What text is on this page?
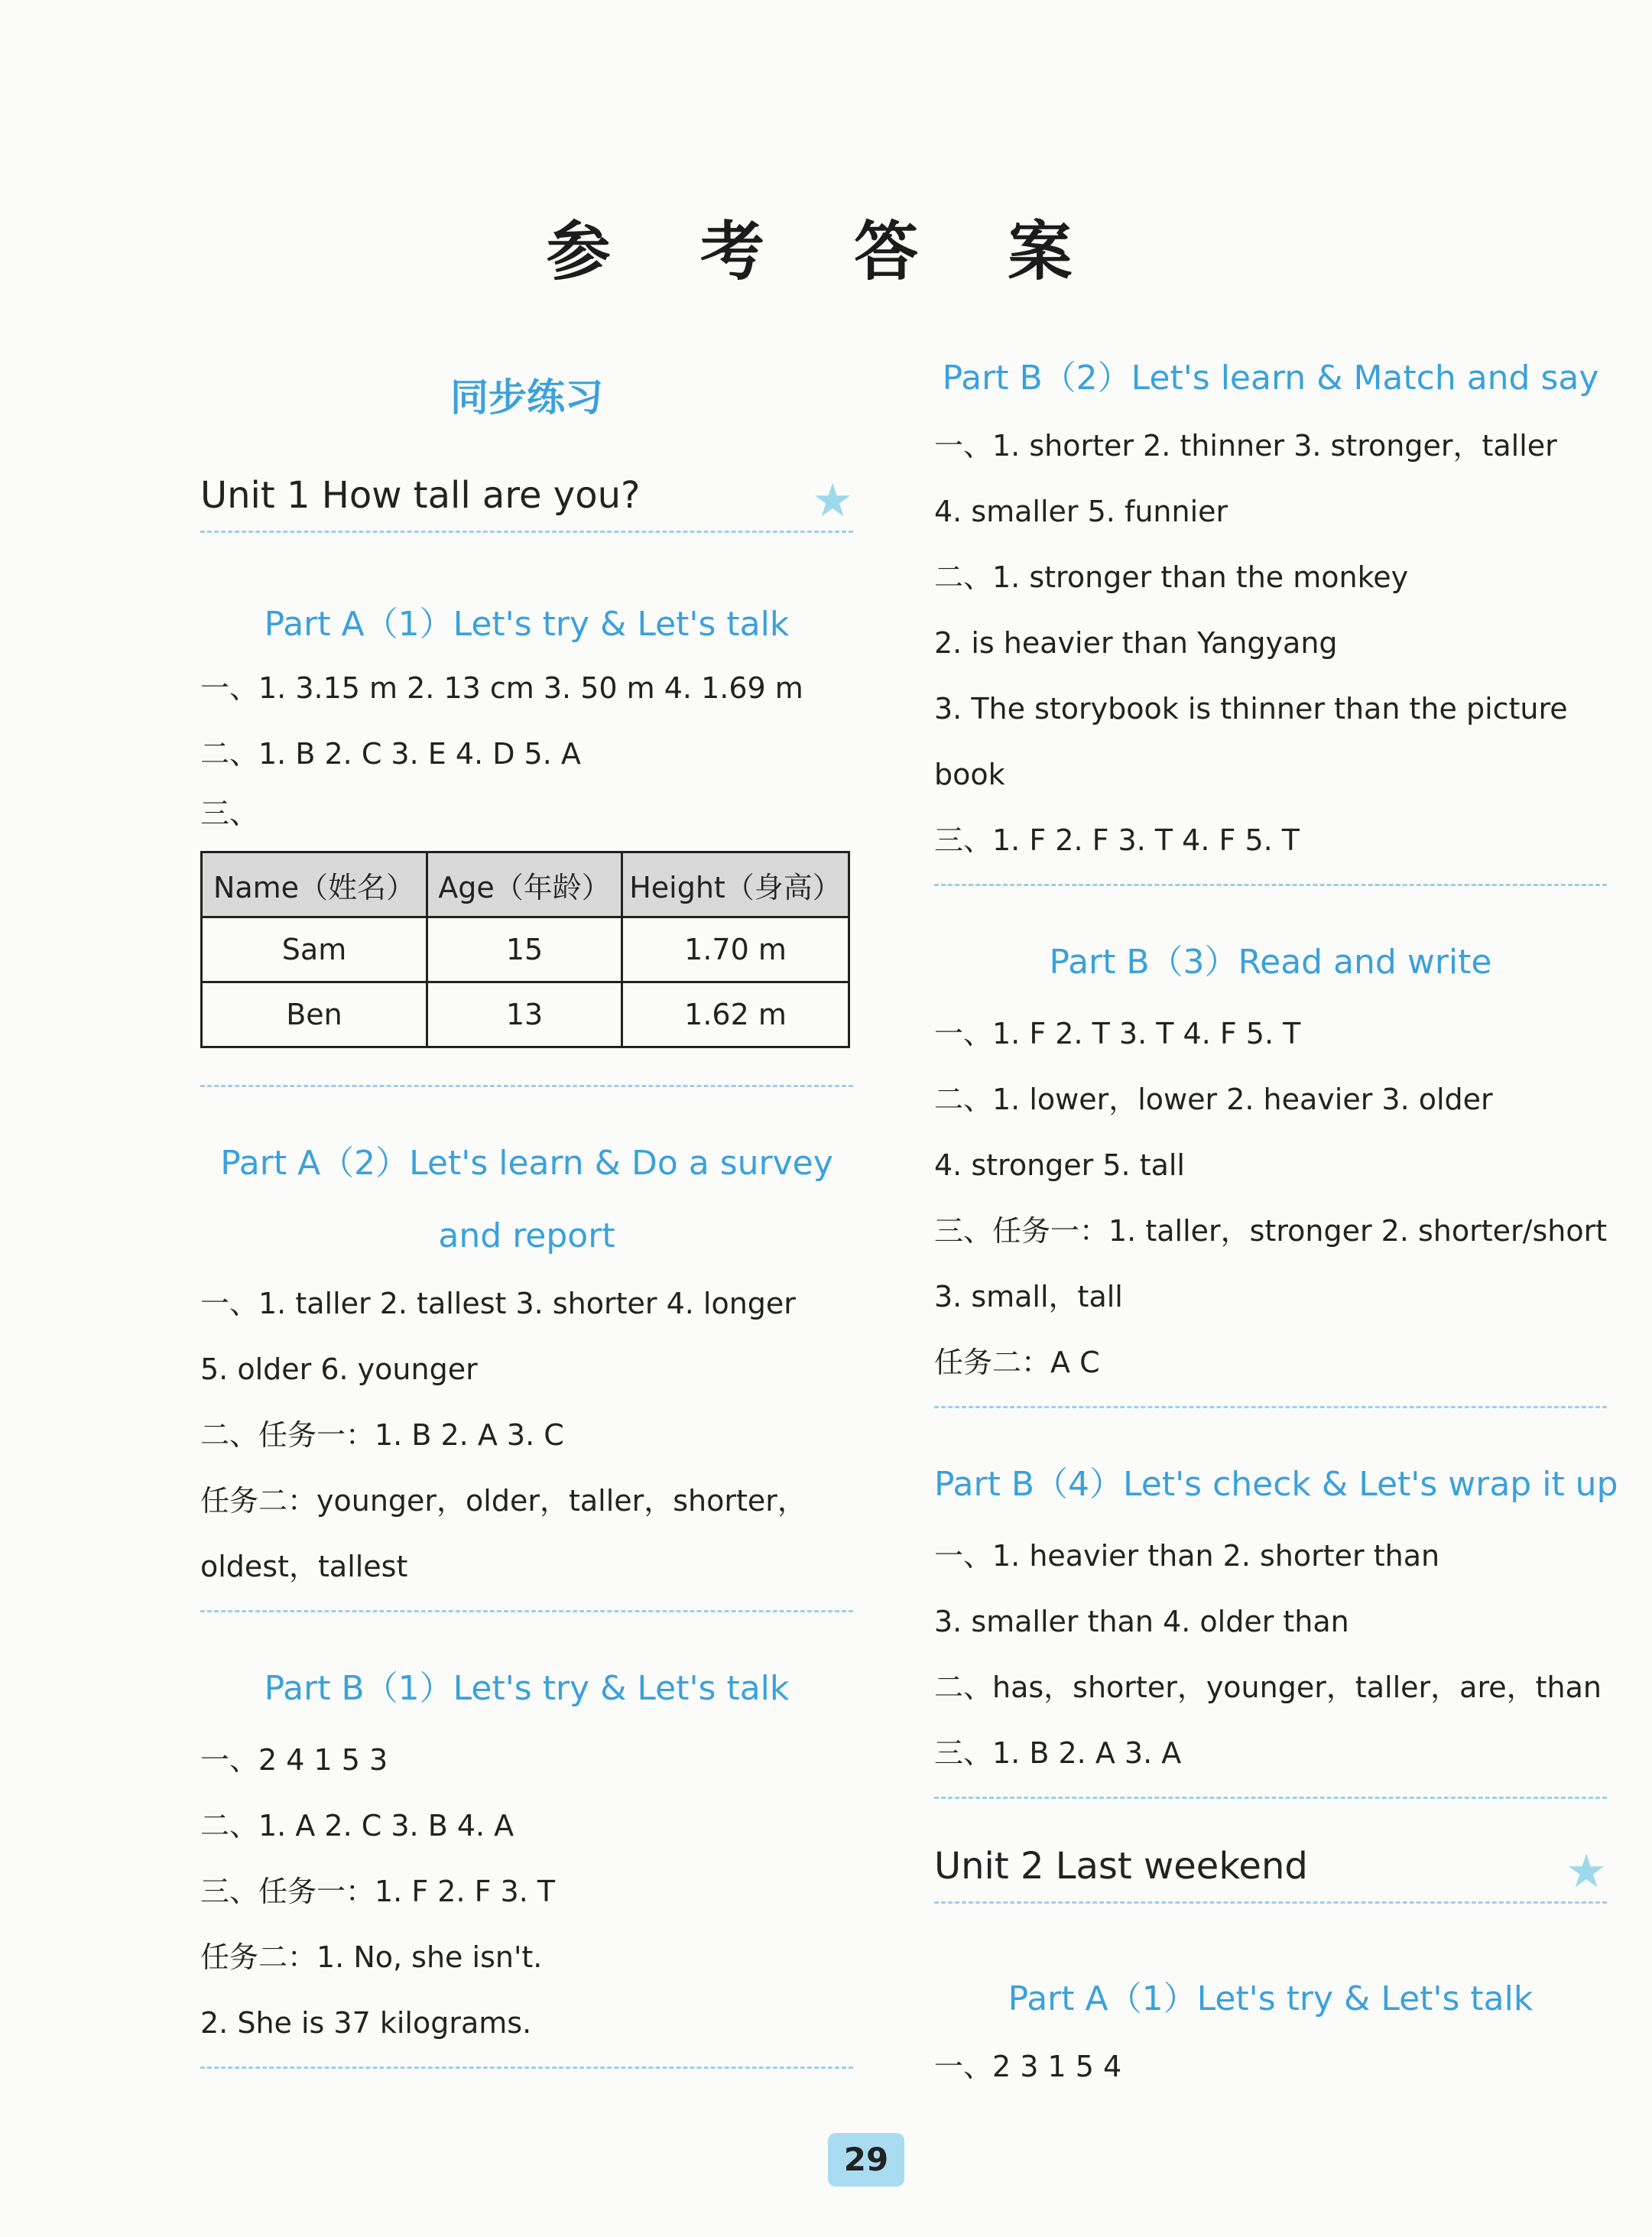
参 考 答 案
同步练习
Unit 1 How tall are you?	★
Part A（1）Let's try & Let's talk
一、1. 3.15 m 2. 13 cm 3. 50 m 4. 1.69 m
二、1. B 2. C 3. E 4. D 5. A
三、
Name（姓名）	Age（年龄）	Height（身高）
Sam	15	1.70 m
Ben	13	1.62 m
Part A（2）Let's learn & Do a survey
and report
一、1. taller 2. tallest 3. shorter 4. longer
5. older 6. younger
二、任务一：1. B 2. A 3. C
任务二：younger，older，taller，shorter，
oldest，tallest
Part B（1）Let's try & Let's talk
一、2 4 1 5 3
二、1. A 2. C 3. B 4. A
三、任务一：1. F 2. F 3. T
任务二：1. No, she isn't.
2. She is 37 kilograms.
Part B（2）Let's learn & Match and say
一、1. shorter 2. thinner 3. stronger，taller
4. smaller 5. funnier
二、1. stronger than the monkey
2. is heavier than Yangyang
3. The storybook is thinner than the picture
book
三、1. F 2. F 3. T 4. F 5. T
Part B（3）Read and write
一、1. F 2. T 3. T 4. F 5. T
二、1. lower，lower 2. heavier 3. older
4. stronger 5. tall
三、任务一：1. taller，stronger 2. shorter/short
3. small，tall
任务二：A C
Part B（4）Let's check & Let's wrap it up
一、1. heavier than 2. shorter than
3. smaller than 4. older than
二、has，shorter，younger，taller，are，than
三、1. B 2. A 3. A
Unit 2 Last weekend	★
Part A（1）Let's try & Let's talk
一、2 3 1 5 4
29
